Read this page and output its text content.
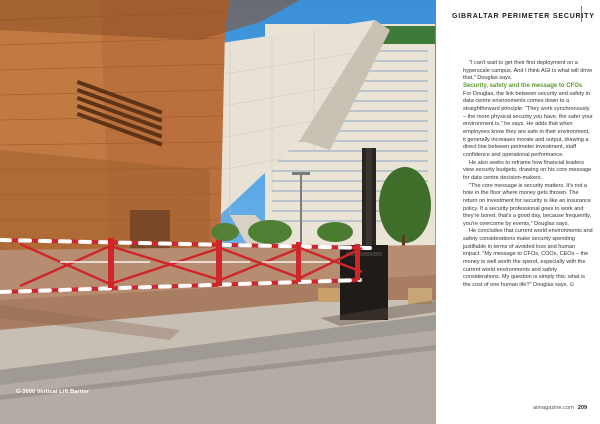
G-3000 Vertical Lift Barrier
GIBRALTAR PERIMETER SECURITY

"I can't wait to get their first deployment on a hyperscale campus. And I think AGI is what will drive that," Douglas says.

Security, safety and the message to CFOs

For Douglas, the link between security and safety in data centre environments comes down to a straightforward principle: "They work synchronously – the more physical security you have, the safer your environment is," he says. He adds that when employees know they are safe in their environment, it generally increases morale and output, drawing a direct line between perimeter investment, staff confidence and operational performance.

He also seeks to reframe how financial leaders view security budgets, drawing on his core message for data centre decision-makers.

"The core message is security matters. It's not a hole in the floor where money gets thrown. The return on investment for security is like an insurance policy. If a security professional goes to work and they're bored, that's a good day, because frequently, you're overcome by events," Douglas says.

He concludes that current world environments and safety considerations make security spending justifiable in terms of avoided loss and human impact. "My message to CFOs, COOs, CEOs – the money is well worth the spend, especially with the current world environments and safety considerations. My question is simply this: what is the cost of one human life?" Douglas says. ⊙

aimagazine.com 209
